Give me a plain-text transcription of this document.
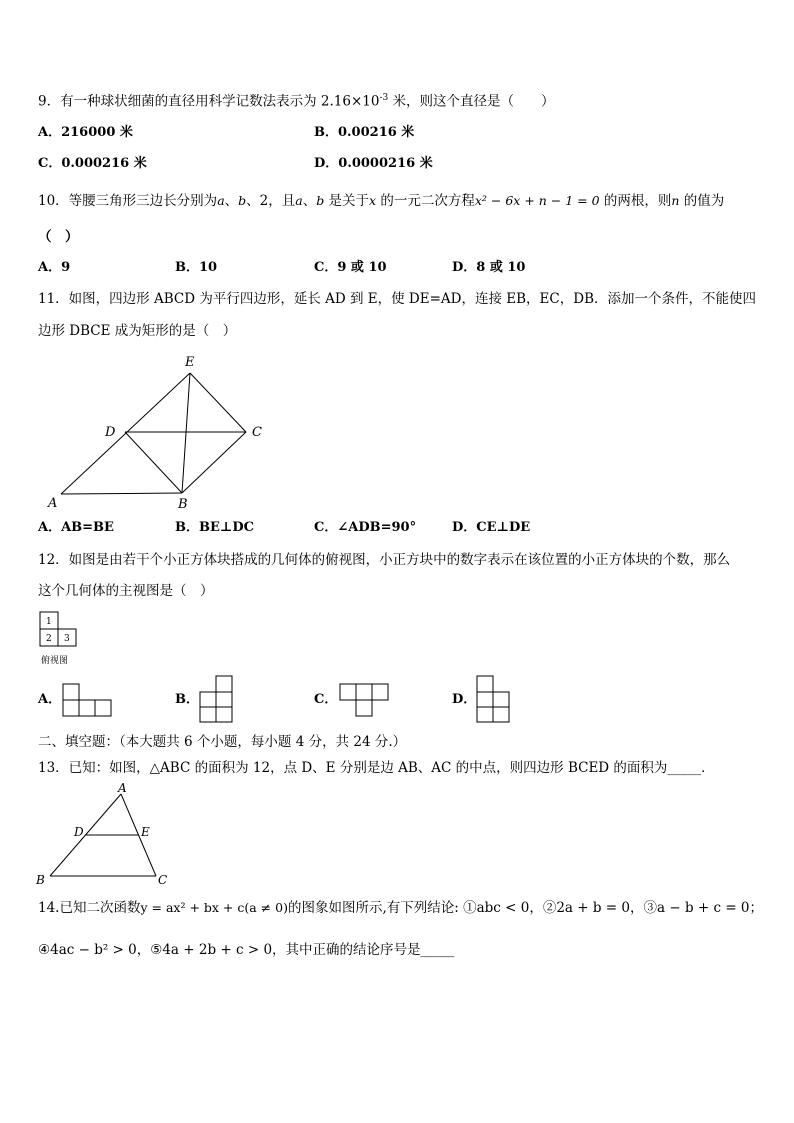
9．有一种球状细菌的直径用科学记数法表示为 $2.16\times 10^{-3}$ 米，则这个直径是（　　）
A．216000 米	B．0.00216 米
C．0.000216 米	D．0.0000216 米
10．等腰三角形三边长分别为a、b、2，且a、b 是关于x 的一元二次方程x² − 6x + n − 1 = 0 的两根，则n 的值为
（　）
A．9	B．10	C．9 或 10	D．8 或 10
11．如图，四边形 ABCD 为平行四边形，延长 AD 到 E，使 DE=AD，连接 EB，EC，DB．添加一个条件，不能使四
边形 DBCE 成为矩形的是（　）
E
D	C
A	B
A．AB=BE	B．BE⊥DC	C．∠ADB=90°	D．CE⊥DE
12．如图是由若干个小正方体块搭成的几何体的俯视图，小正方块中的数字表示在该位置的小正方体块的个数，那么
这个几何体的主视图是（　）
1
2 3
俯视图
A．	B．	C．	D．
二、填空题：（本大题共 6 个小题，每小题 4 分，共 24 分.）
13．已知：如图，△ABC 的面积为 12，点 D、E 分别是边 AB、AC 的中点，则四边形 BCED 的面积为_____．
A
D	E
B	C
14.已知二次函数y = ax² + bx + c(a ≠ 0)的图象如图所示,有下列结论: ①abc < 0，②2a + b = 0，③a − b + c = 0；
④4ac − b² > 0，⑤4a + 2b + c > 0，其中正确的结论序号是_____
